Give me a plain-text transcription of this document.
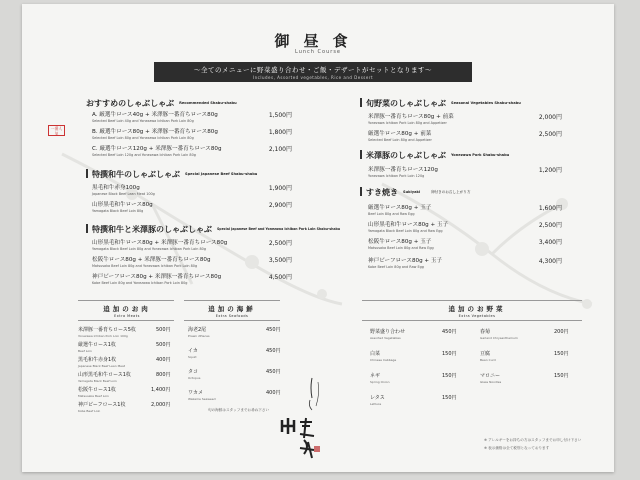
御昼食
Lunch Course
～全てのメニューに野菜盛り合わせ・ご飯・デザートがセットとなります～
Includes, Assorted vegetables, Rice and Dessert
おすすめのしゃぶしゃぶ $^{Recommended Shabu-shabu}$
一番人気
A. 厳選牛ロース40g + 米澤豚一番育ちロース80g
Selected Beef Loin 40g and Yonezawa Ichiban Pork Loin 80g
1,500円
B. 厳選牛ロース80g + 米澤豚一番育ちロース80g
Selected Beef Loin 80g and Yonezawa Ichiban Pork Loin 80g
1,800円
C. 厳選牛ロース120g + 米澤豚一番育ちロース80g
Selected Beef Loin 120g and Yonezawa Ichiban Pork Loin 80g
2,100円
特撰和牛のしゃぶしゃぶ $^{Special Japanese Beef Shabu-shabu}$
黒毛和牛赤身100g
Japanese Black Beef Lean Meat 100g
1,900円
山形黒毛和牛ロース80g
Yamagata Black Beef Loin 80g
2,900円
特撰和牛と米澤豚のしゃぶしゃぶ $^{Special Japanese Beef and Yonezawa Ichiban Pork Loin Shabu-shabu}$
山形黒毛和牛ロース80g + 米澤豚一番育ちロース80g
Yamagata Black Beef Loin 80g and Yonezawa Ichiban Pork Loin 80g
2,500円
松阪牛ロース80g + 米澤豚一番育ちロース80g
Matsusaka Beef Loin 80g and Yonezawa Ichiban Pork Loin 80g
3,500円
神戸ビーフロース80g + 米澤豚一番育ちロース80g
Kobe Beef Loin 80g and Yonezawa Ichiban Pork Loin 80g
4,500円
旬野菜のしゃぶしゃぶ $^{Seasonal Vegetables Shabu-shabu}$
米澤豚一番育ちロース80g + 前菜
Yonezawa Ichiban Pork Loin 80g and Appetizer
2,000円
厳選牛ロース80g + 前菜
Selected Beef Loin 80g and Appetizer
2,500円
米澤豚のしゃぶしゃぶ $^{Yonezawa Pork Shabu-shabu}$
米澤豚一番育ちロース120g
Yonezawa Ichiban Pork Loin 120g
1,200円
すき焼き $^{Sukiyaki}$	$^{卵付きのお召し上がり方}$
厳選牛ロース80g + 玉子
Beef Loin 80g and Raw Egg
1,600円
山形黒毛和牛ロース80g + 玉子
Yamagata Black Beef Loin 80g and Raw Egg
2,500円
松阪牛ロース80g + 玉子
Matsusaka Beef Loin 80g and Raw Egg
3,400円
神戸ビーフロース80g + 玉子
Kobe Beef Loin 80g and Raw Egg
4,300円
追加のお肉
Extra Meats
米澤豚一番育ちロース5枚
Yonezawa Ichiban Pork Loin 100g
500円
厳選牛ロース1枚
Beef Loin
500円
黒毛和牛赤身1枚
Japanese Black Beef Lean Meat
400円
山形黒毛和牛ロース1枚
Yamagata Black Beef Loin
800円
松阪牛ロース1枚
Matsusaka Beef Loin
1,400円
神戸ビーフロース1枚
Kobe Beef Loin
2,000円
追加の海鮮
Extra Seafoods
海老2尾
Prawn 2Pieces
450円
イカ
Squid
450円
タコ
Octopus
450円
ワカメ
Wakame Seaweed
400円
旬の海鮮はスタッフまでお尋ね下さい
追加のお野菜
Extra Vegetables
野菜盛り合わせ
Assorted Vegetables
450円
白菜
Chinese Cabbage
150円
ネギ
Spring Onion
150円
レタス
Lettuce
150円
春菊
Garland Chrysanthemum
200円
豆腐
Bean Curd
150円
マロニー
Glass Noodles
150円
※ アレルギーをお持ちの方はスタッフまでお申し付け下さい
※ 表示価格は全て税別となっております
